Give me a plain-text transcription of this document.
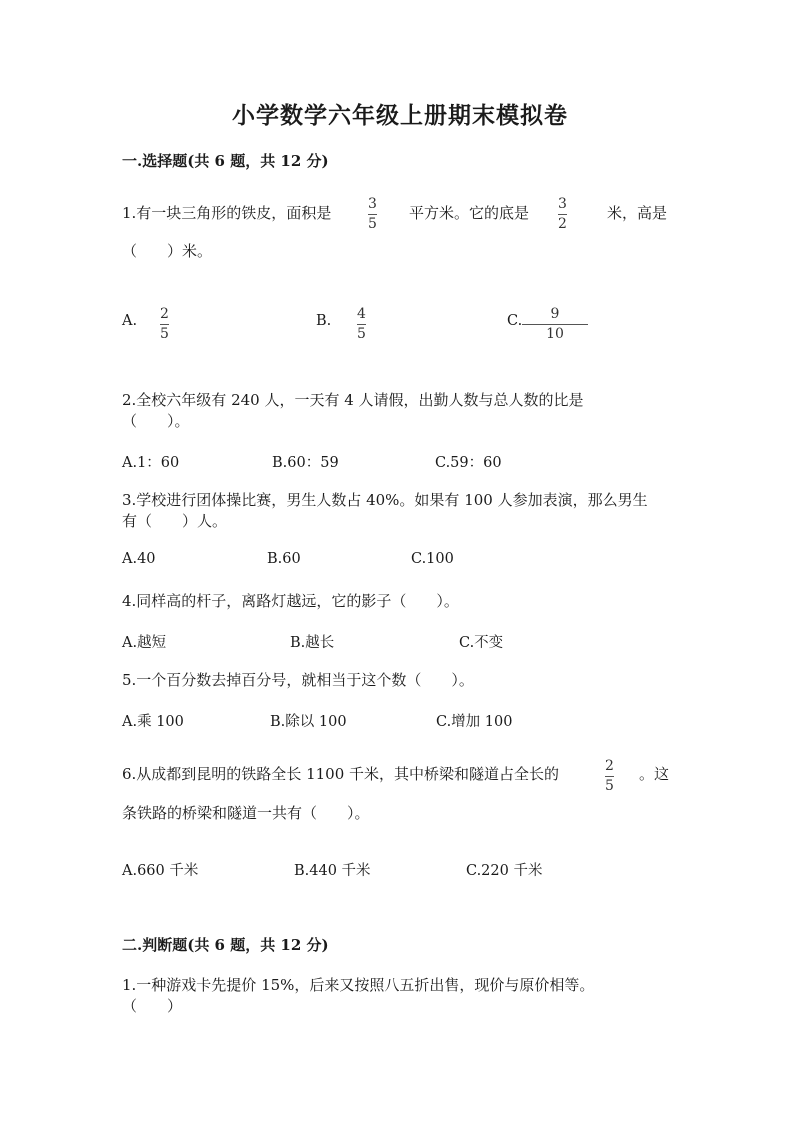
小学数学六年级上册期末模拟卷
一.选择题(共 6 题，共 12 分)
1.有一块三角形的铁皮，面积是	3
5
平方米。它的底是 3
2
米，高是
（　　）米。
A. 2
5
B. 4
5
C. 9
10
2.全校六年级有 240 人，一天有 4 人请假，出勤人数与总人数的比是
（　　）。
A.1：60	B.60：59	C.59：60
3.学校进行团体操比赛，男生人数占 40%。如果有 100 人参加表演，那么男生
有（　　）人。
A.40	B.60	C.100
4.同样高的杆子，离路灯越远，它的影子（　　）。
A.越短	B.越长	C.不变
5.一个百分数去掉百分号，就相当于这个数（　　）。
A.乘 100	B.除以 100	C.增加 100
6.从成都到昆明的铁路全长 1100 千米，其中桥梁和隧道占全长的	2
5
。这
条铁路的桥梁和隧道一共有（　　）。
A.660 千米	B.440 千米	C.220 千米
二.判断题(共 6 题，共 12 分)
1.一种游戏卡先提价 15%，后来又按照八五折出售，现价与原价相等。
（　　）
